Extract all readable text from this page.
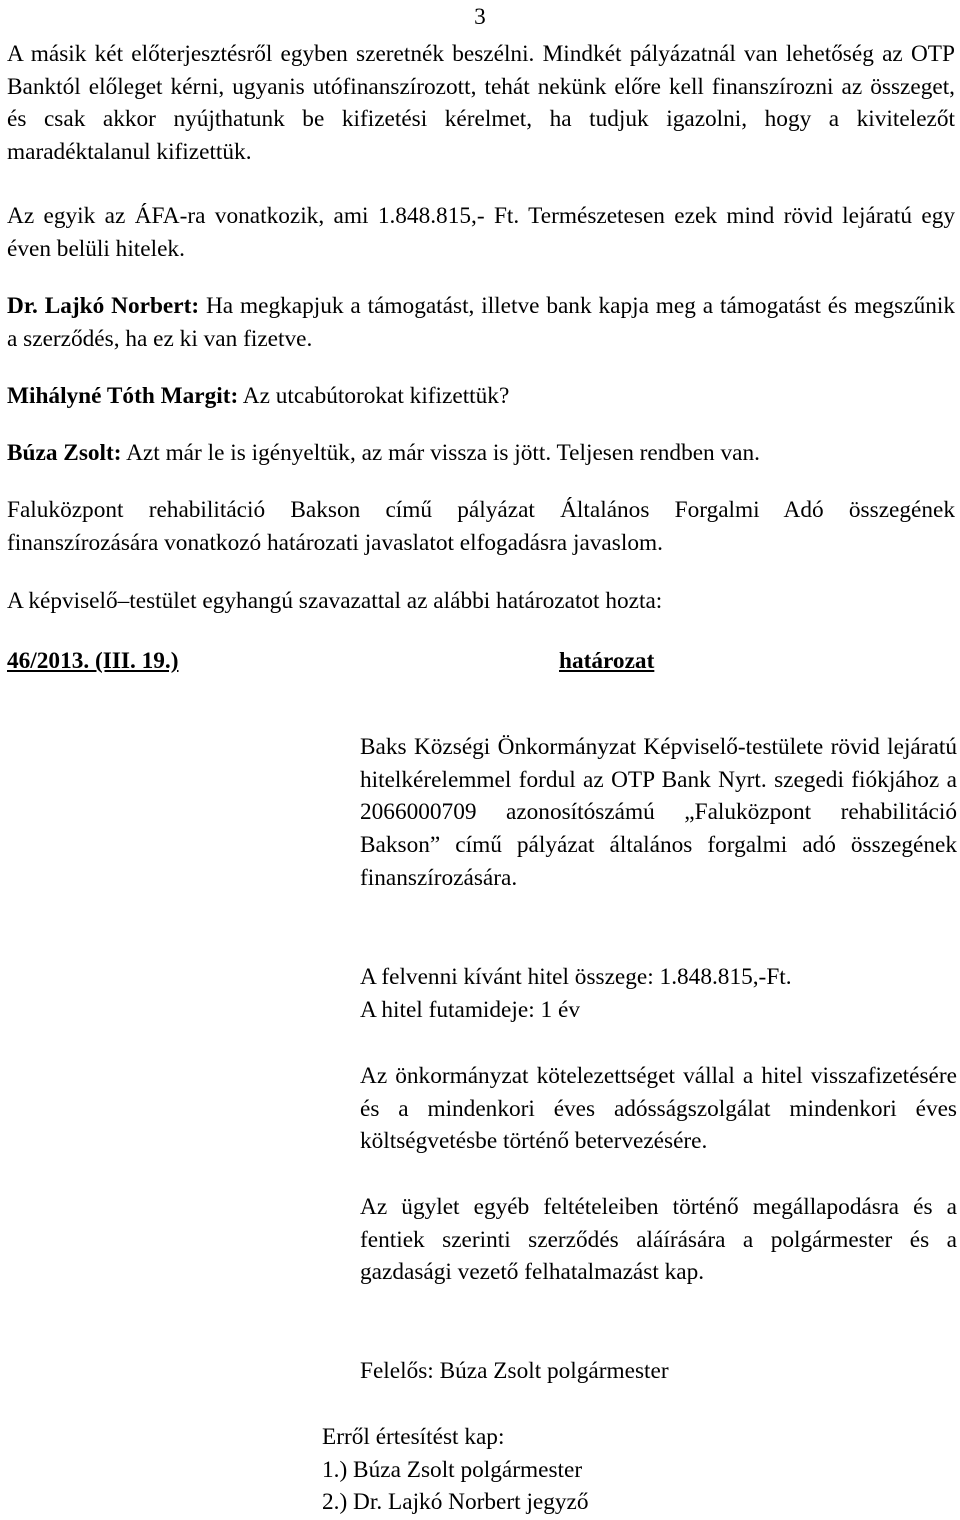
3

A másik két előterjesztésről egyben szeretnék beszélni. Mindkét pályázatnál van lehetőség az OTP Banktól előleget kérni, ugyanis utófinanszírozott, tehát nekünk előre kell finanszírozni az összeget, és csak akkor nyújthatunk be kifizetési kérelmet, ha tudjuk igazolni, hogy a kivitelezőt maradéktalanul kifizettük.

Az egyik az ÁFA-ra vonatkozik, ami 1.848.815,- Ft. Természetesen ezek mind rövid lejáratú egy éven belüli hitelek.

Dr. Lajkó Norbert: Ha megkapjuk a támogatást, illetve bank kapja meg a támogatást és megszűnik a szerződés, ha ez ki van fizetve.

Mihályné Tóth Margit: Az utcabútorokat kifizettük?

Búza Zsolt: Azt már le is igényeltük, az már vissza is jött. Teljesen rendben van.

Faluközpont rehabilitáció Bakson című pályázat Általános Forgalmi Adó összegének finanszírozására vonatkozó határozati javaslatot elfogadásra javaslom.

A képviselő–testület egyhangú szavazattal az alábbi határozatot hozta:

46/2013. (III. 19.)	határozat

Baks Községi Önkormányzat Képviselő-testülete rövid lejáratú hitelkérelemmel fordul az OTP Bank Nyrt. szegedi fiókjához a 2066000709 azonosítószámú „Faluközpont rehabilitáció Bakson” című pályázat általános forgalmi adó összegének finanszírozására.

A felvenni kívánt hitel összege: 1.848.815,-Ft.

A hitel futamideje: 1 év

Az önkormányzat kötelezettséget vállal a hitel visszafizetésére és a mindenkori éves adósságszolgálat mindenkori éves költségvetésbe történő betervezésére.

Az ügylet egyéb feltételeiben történő megállapodásra és a fentiek szerinti szerződés aláírására a polgármester és a gazdasági vezető felhatalmazást kap.

Felelős: Búza Zsolt polgármester

Erről értesítést kap:

1.) Búza Zsolt polgármester

2.) Dr. Lajkó Norbert jegyző
